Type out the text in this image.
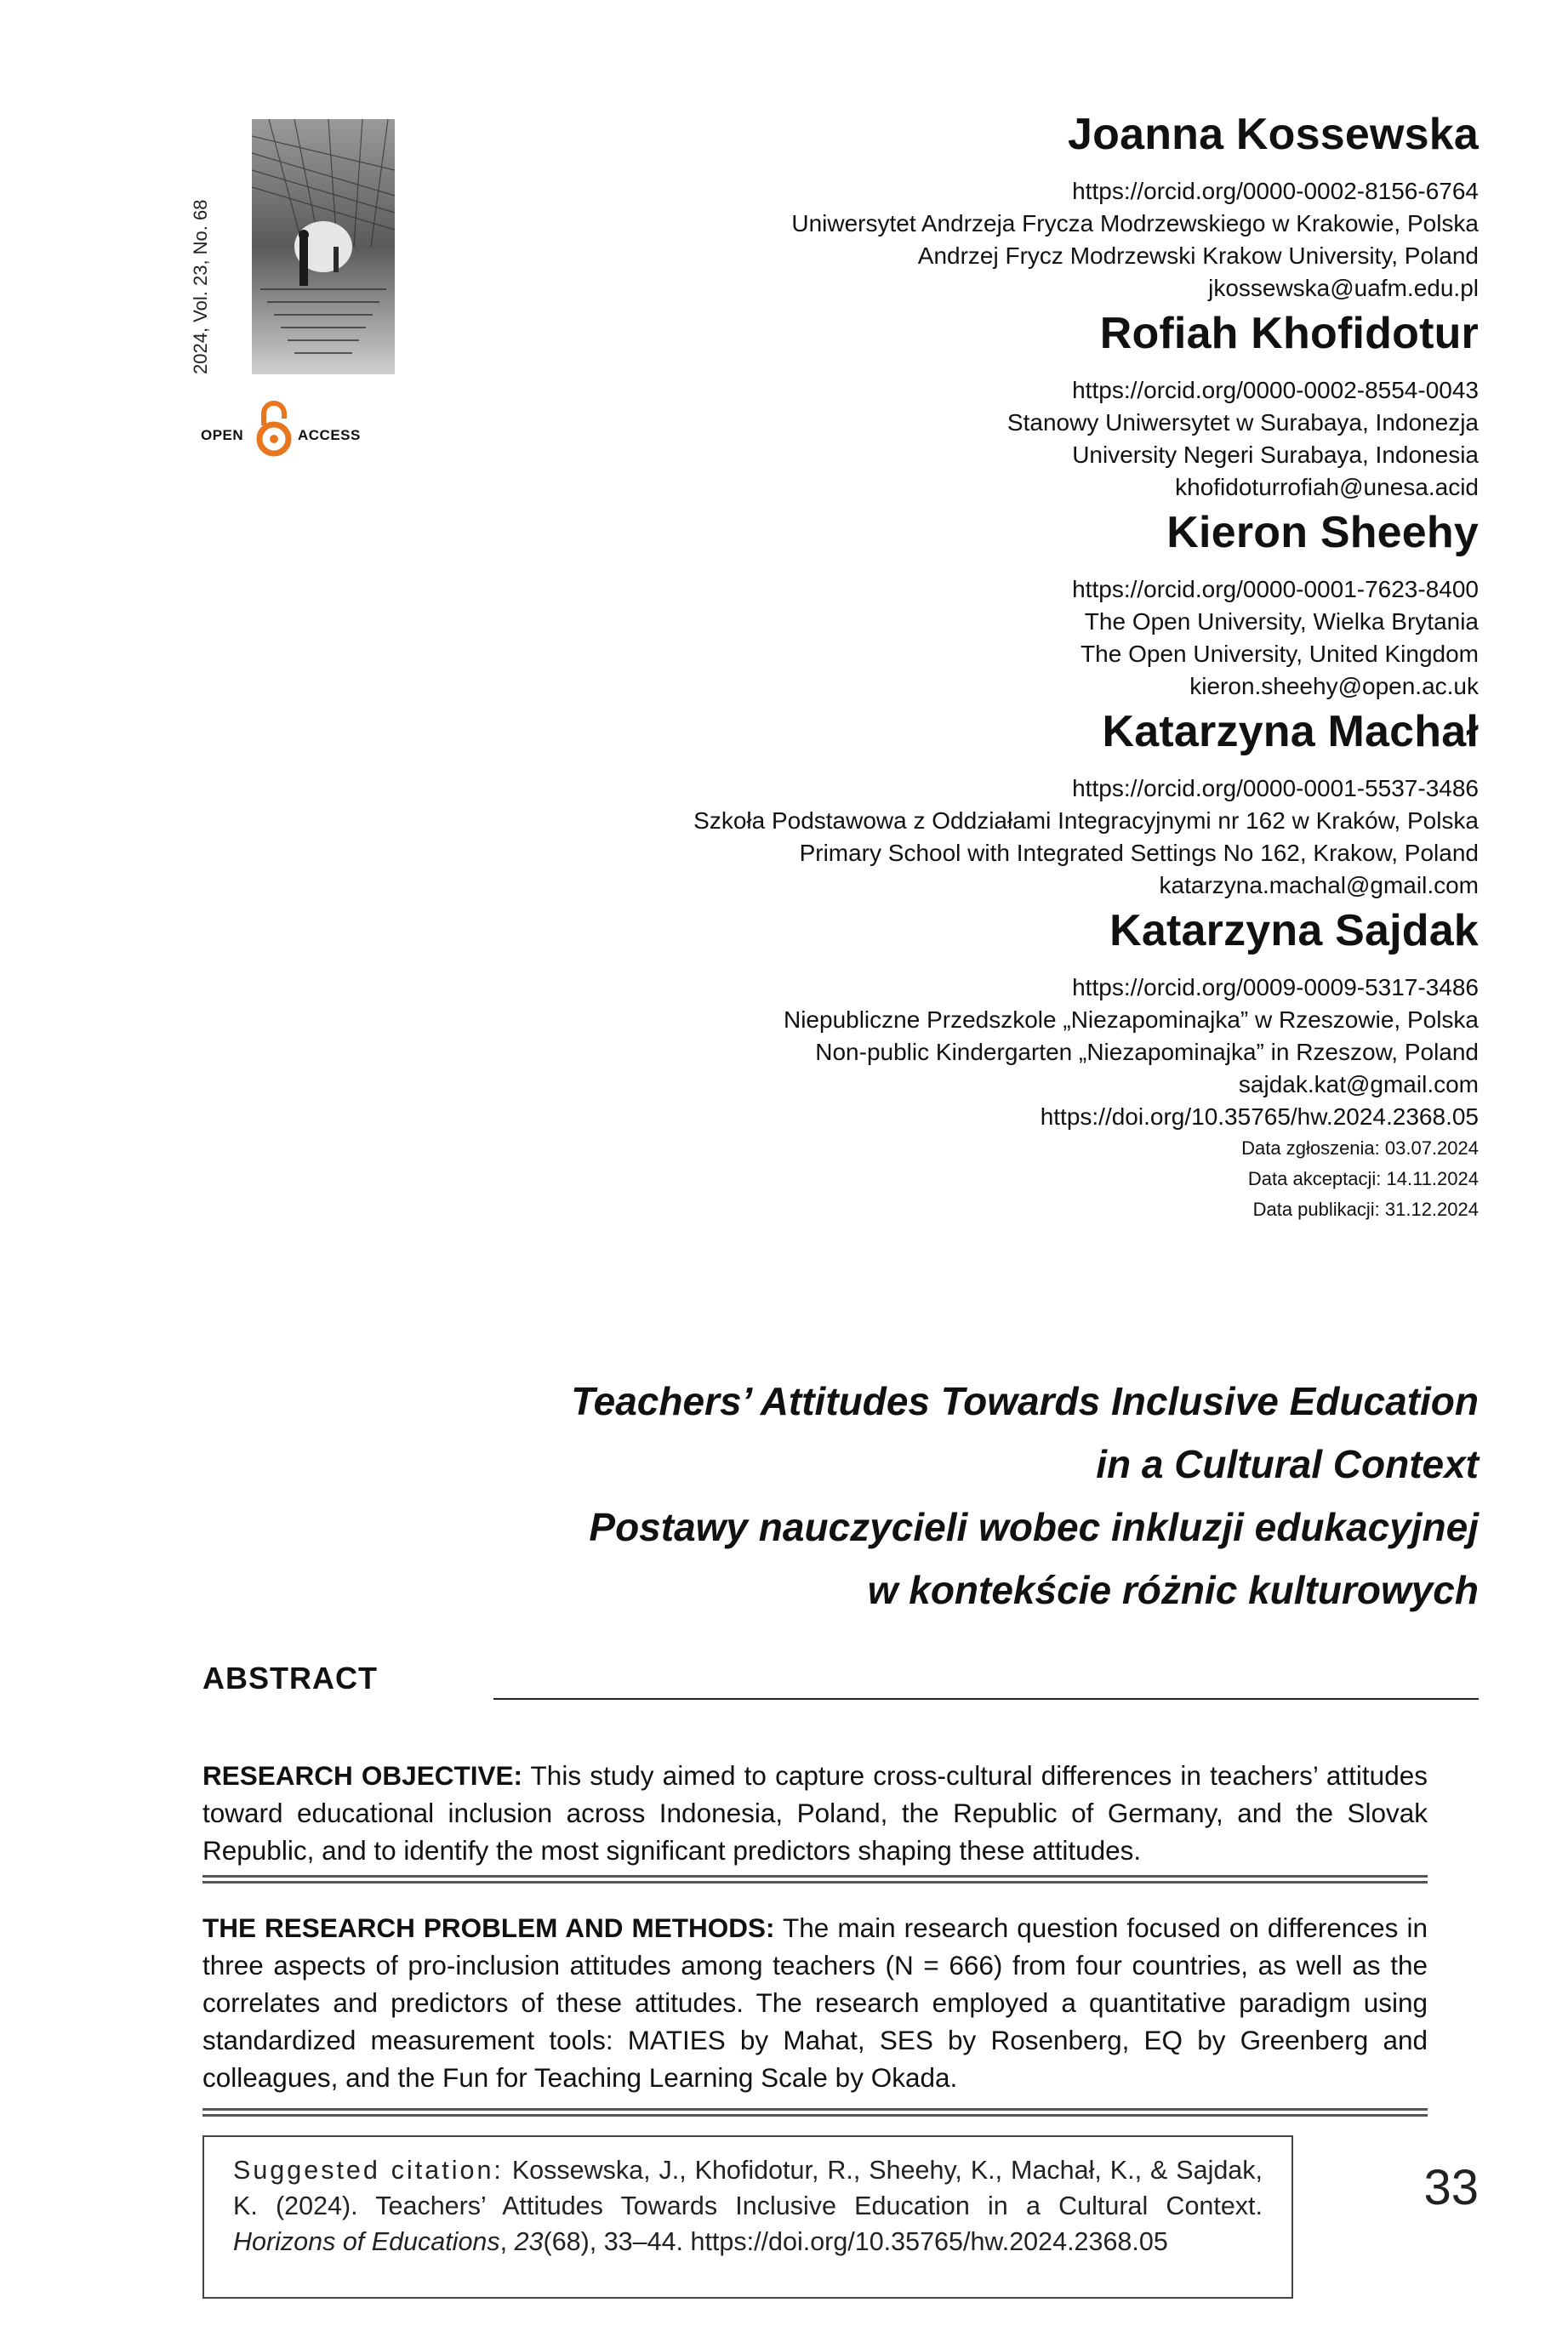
2024, Vol. 23, No. 68
OPEN	ACCESS

Joanna Kossewska

https://orcid.org/0000-0002-8156-6764

Uniwersytet Andrzeja Frycza Modrzewskiego w Krakowie, Polska

Andrzej Frycz Modrzewski Krakow University, Poland

jkossewska@uafm.edu.pl

Rofiah Khofidotur

https://orcid.org/0000-0002-8554-0043

Stanowy Uniwersytet w Surabaya, Indonezja

University Negeri Surabaya, Indonesia

khofidoturrofiah@unesa.acid

Kieron Sheehy

https://orcid.org/0000-0001-7623-8400

The Open University, Wielka Brytania

The Open University, United Kingdom

kieron.sheehy@open.ac.uk

Katarzyna Machał

https://orcid.org/0000-0001-5537-3486

Szkoła Podstawowa z Oddziałami Integracyjnymi nr 162 w Kraków, Polska

Primary School with Integrated Settings No 162, Krakow, Poland

katarzyna.machal@gmail.com

Katarzyna Sajdak

https://orcid.org/0009-0009-5317-3486

Niepubliczne Przedszkole „Niezapominajka” w Rzeszowie, Polska

Non-public Kindergarten „Niezapominajka” in Rzeszow, Poland

sajdak.kat@gmail.com

https://doi.org/10.35765/hw.2024.2368.05

Data zgłoszenia: 03.07.2024

Data akceptacji: 14.11.2024

Data publikacji: 31.12.2024

Teachers’ Attitudes Towards Inclusive Education

in a Cultural Context

Postawy nauczycieli wobec inkluzji edukacyjnej

w kontekście różnic kulturowych

ABSTRACT

RESEARCH OBJECTIVE: This study aimed to capture cross-cultural differences in teachers’ attitudes toward educational inclusion across Indonesia, Poland, the Republic of Germany, and the Slovak Republic, and to identify the most significant predictors shaping these attitudes.

THE RESEARCH PROBLEM AND METHODS: The main research question focused on differences in three aspects of pro-inclusion attitudes among teachers (N = 666) from four countries, as well as the correlates and predictors of these attitudes. The research employed a quantitative paradigm using standardized measurement tools: MATIES by Mahat, SES by Rosenberg, EQ by Greenberg and colleagues, and the Fun for Teaching Learning Scale by Okada.

Suggested citation: Kossewska, J., Khofidotur, R., Sheehy, K., Machał, K., & Sajdak, K. (2024). Teachers’ Attitudes Towards Inclusive Education in a Cultural Context. Horizons of Educations, 23(68), 33–44. https://doi.org/10.35765/hw.2024.2368.05

33
